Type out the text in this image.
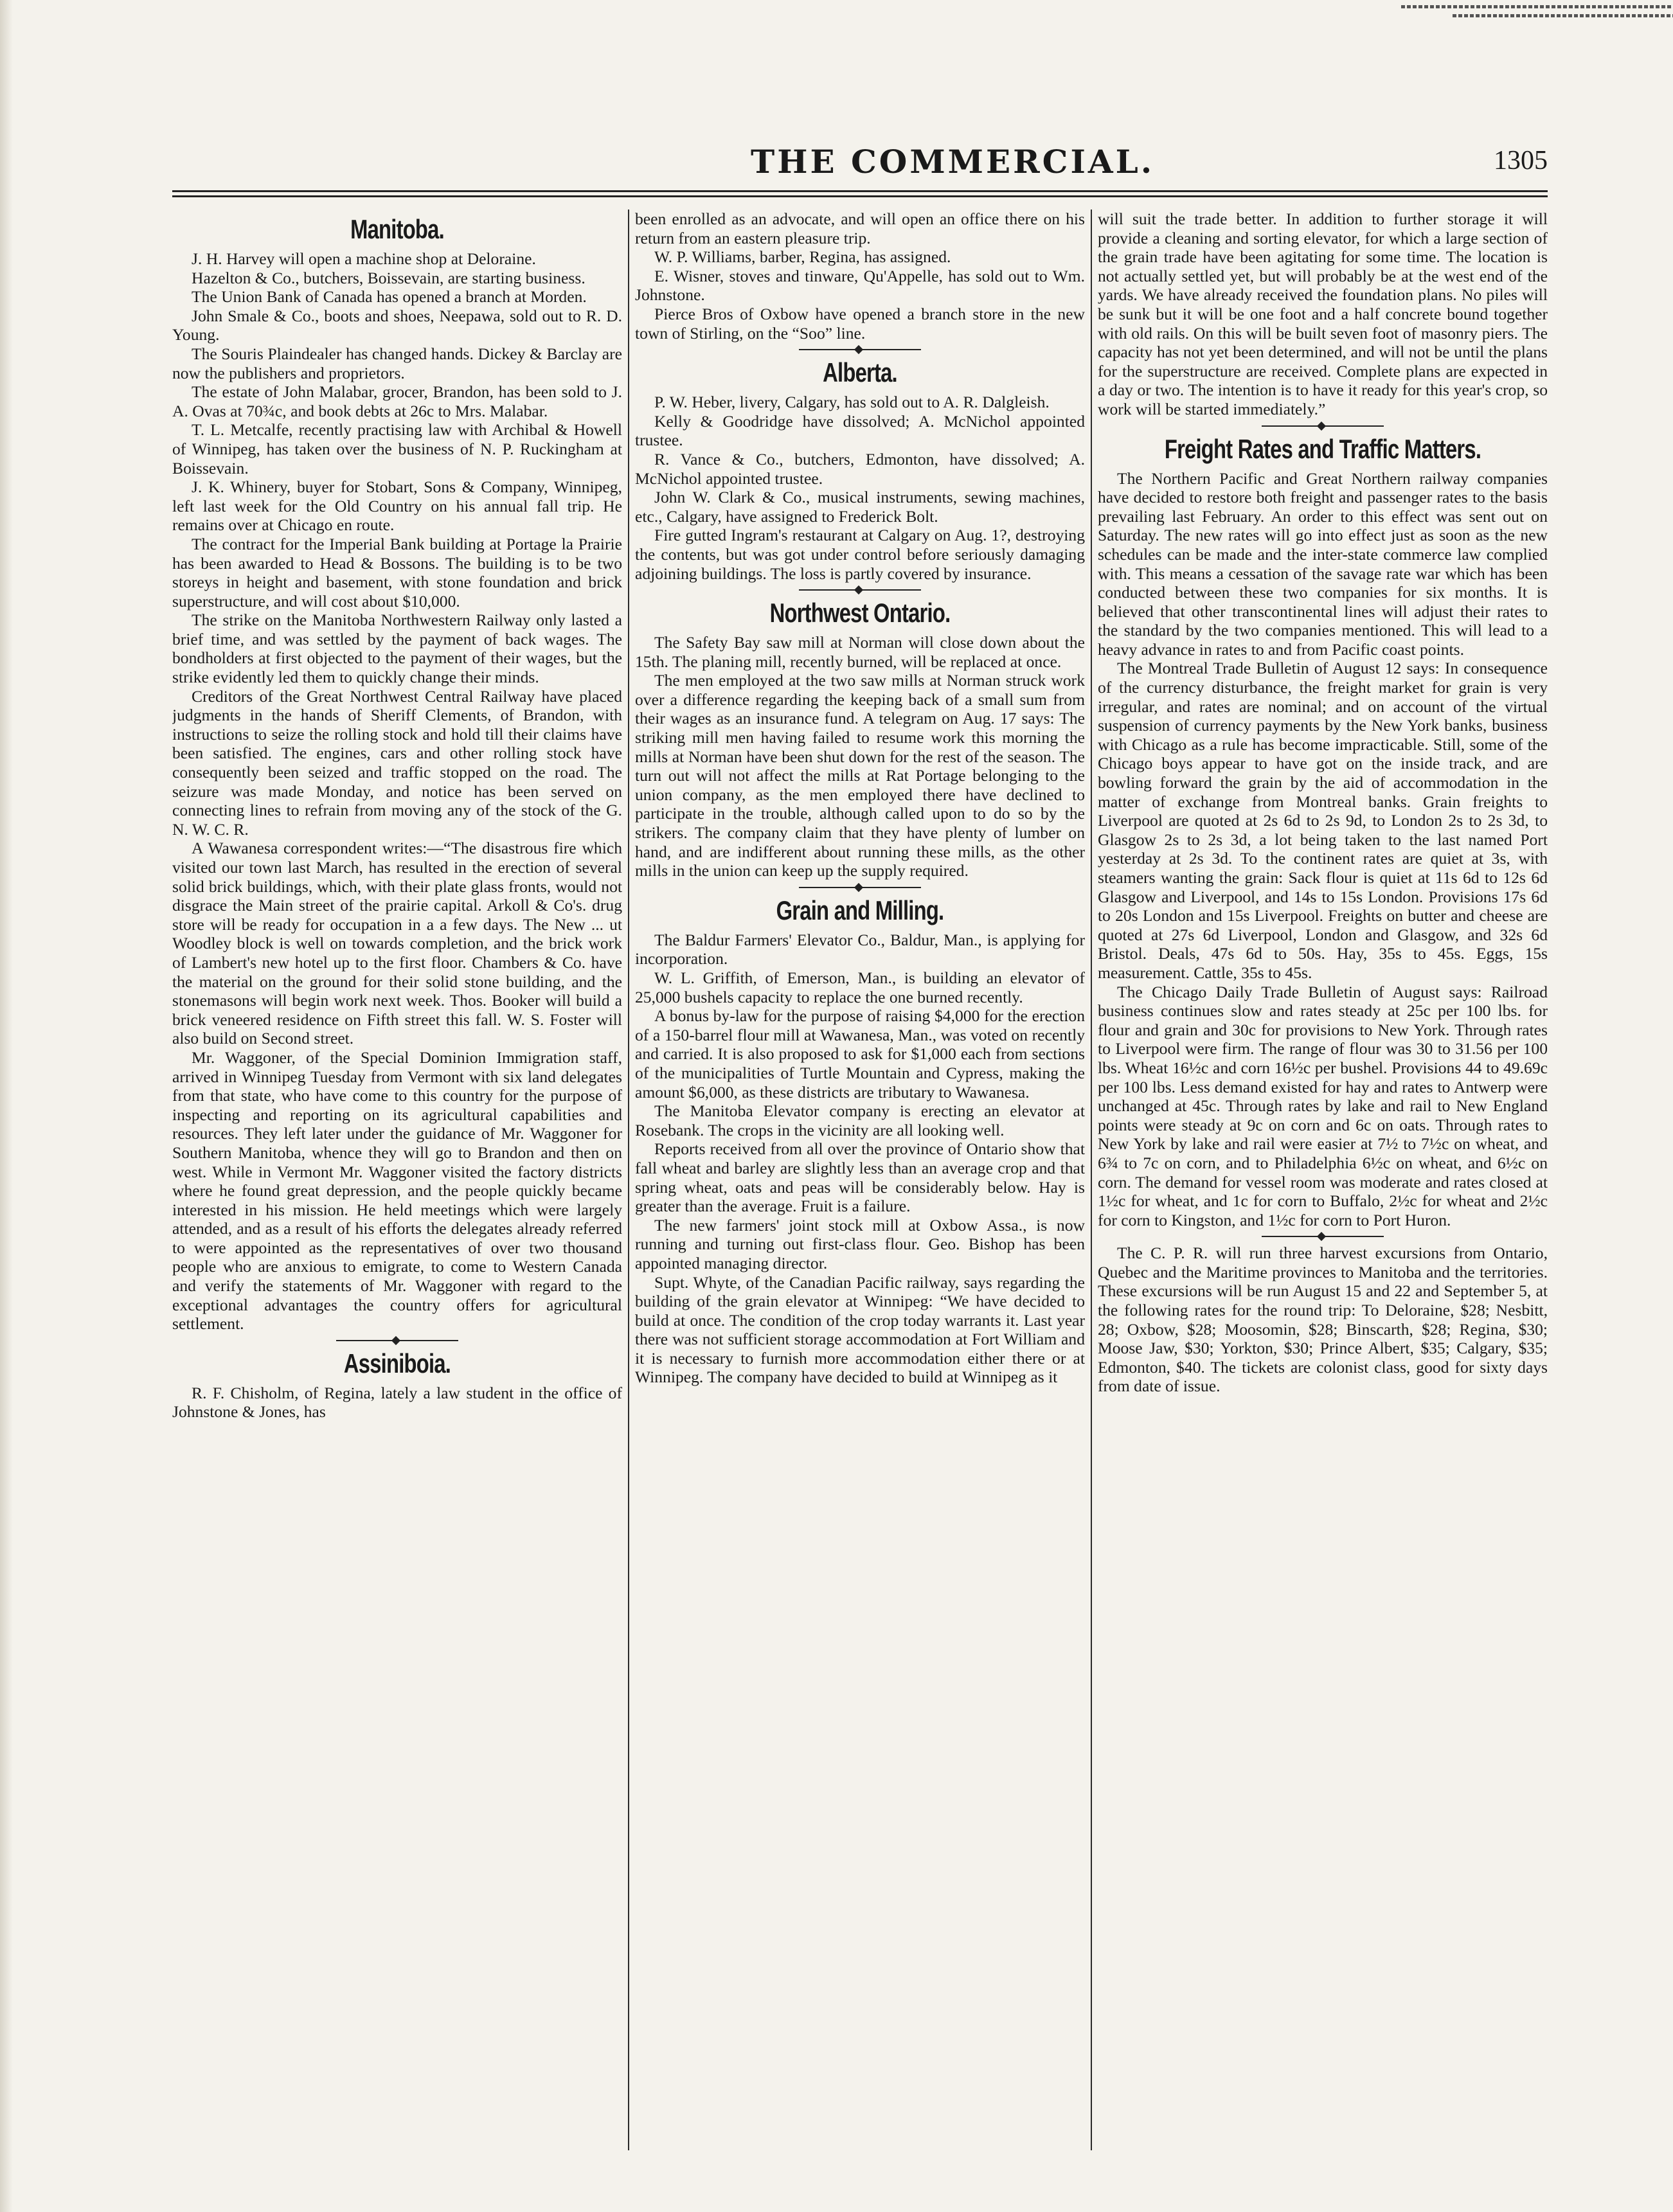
THE COMMERCIAL.	1305
Manitoba.

J. H. Harvey will open a machine shop at Deloraine.

Hazelton & Co., butchers, Boissevain, are starting business.

The Union Bank of Canada has opened a branch at Morden.

John Smale & Co., boots and shoes, Neepawa, sold out to R. D. Young.

The Souris Plaindealer has changed hands. Dickey & Barclay are now the publishers and proprietors.

The estate of John Malabar, grocer, Brandon, has been sold to J. A. Ovas at 70¾c, and book debts at 26c to Mrs. Malabar.

T. L. Metcalfe, recently practising law with Archibal & Howell of Winnipeg, has taken over the business of N. P. Ruckingham at Boissevain.

J. K. Whinery, buyer for Stobart, Sons & Company, Winnipeg, left last week for the Old Country on his annual fall trip. He remains over at Chicago en route.

The contract for the Imperial Bank building at Portage la Prairie has been awarded to Head & Bossons. The building is to be two storeys in height and basement, with stone foundation and brick superstructure, and will cost about $10,000.

The strike on the Manitoba Northwestern Railway only lasted a brief time, and was settled by the payment of back wages. The bondholders at first objected to the payment of their wages, but the strike evidently led them to quickly change their minds.

Creditors of the Great Northwest Central Railway have placed judgments in the hands of Sheriff Clements, of Brandon, with instructions to seize the rolling stock and hold till their claims have been satisfied. The engines, cars and other rolling stock have consequently been seized and traffic stopped on the road. The seizure was made Monday, and notice has been served on connecting lines to refrain from moving any of the stock of the G. N. W. C. R.

A Wawanesa correspondent writes:—“The disastrous fire which visited our town last March, has resulted in the erection of several solid brick buildings, which, with their plate glass fronts, would not disgrace the Main street of the prairie capital. Arkoll & Co's. drug store will be ready for occupation in a a few days. The New ... ut Woodley block is well on towards completion, and the brick work of Lambert's new hotel up to the first floor. Chambers & Co. have the material on the ground for their solid stone building, and the stonemasons will begin work next week. Thos. Booker will build a brick veneered residence on Fifth street this fall. W. S. Foster will also build on Second street.

Mr. Waggoner, of the Special Dominion Immigration staff, arrived in Winnipeg Tuesday from Vermont with six land delegates from that state, who have come to this country for the purpose of inspecting and reporting on its agricultural capabilities and resources. They left later under the guidance of Mr. Waggoner for Southern Manitoba, whence they will go to Brandon and then on west. While in Vermont Mr. Waggoner visited the factory districts where he found great depression, and the people quickly became interested in his mission. He held meetings which were largely attended, and as a result of his efforts the delegates already referred to were appointed as the representatives of over two thousand people who are anxious to emigrate, to come to Western Canada and verify the statements of Mr. Waggoner with regard to the exceptional advantages the country offers for agricultural settlement.

Assiniboia.

R. F. Chisholm, of Regina, lately a law student in the office of Johnstone & Jones, has

been enrolled as an advocate, and will open an office there on his return from an eastern pleasure trip.

W. P. Williams, barber, Regina, has assigned.

E. Wisner, stoves and tinware, Qu'Appelle, has sold out to Wm. Johnstone.

Pierce Bros of Oxbow have opened a branch store in the new town of Stirling, on the “Soo” line.

Alberta.

P. W. Heber, livery, Calgary, has sold out to A. R. Dalgleish.

Kelly & Goodridge have dissolved; A. McNichol appointed trustee.

R. Vance & Co., butchers, Edmonton, have dissolved; A. McNichol appointed trustee.

John W. Clark & Co., musical instruments, sewing machines, etc., Calgary, have assigned to Frederick Bolt.

Fire gutted Ingram's restaurant at Calgary on Aug. 1?, destroying the contents, but was got under control before seriously damaging adjoining buildings. The loss is partly covered by insurance.

Northwest Ontario.

The Safety Bay saw mill at Norman will close down about the 15th. The planing mill, recently burned, will be replaced at once.

The men employed at the two saw mills at Norman struck work over a difference regarding the keeping back of a small sum from their wages as an insurance fund. A telegram on Aug. 17 says: The striking mill men having failed to resume work this morning the mills at Norman have been shut down for the rest of the season. The turn out will not affect the mills at Rat Portage belonging to the union company, as the men employed there have declined to participate in the trouble, although called upon to do so by the strikers. The company claim that they have plenty of lumber on hand, and are indifferent about running these mills, as the other mills in the union can keep up the supply required.

Grain and Milling.

The Baldur Farmers' Elevator Co., Baldur, Man., is applying for incorporation.

W. L. Griffith, of Emerson, Man., is building an elevator of 25,000 bushels capacity to replace the one burned recently.

A bonus by-law for the purpose of raising $4,000 for the erection of a 150-barrel flour mill at Wawanesa, Man., was voted on recently and carried. It is also proposed to ask for $1,000 each from sections of the municipalities of Turtle Mountain and Cypress, making the amount $6,000, as these districts are tributary to Wawanesa.

The Manitoba Elevator company is erecting an elevator at Rosebank. The crops in the vicinity are all looking well.

Reports received from all over the province of Ontario show that fall wheat and barley are slightly less than an average crop and that spring wheat, oats and peas will be considerably below. Hay is greater than the average. Fruit is a failure.

The new farmers' joint stock mill at Oxbow Assa., is now running and turning out first-class flour. Geo. Bishop has been appointed managing director.

Supt. Whyte, of the Canadian Pacific railway, says regarding the building of the grain elevator at Winnipeg: “We have decided to build at once. The condition of the crop today warrants it. Last year there was not sufficient storage accommodation at Fort William and it is necessary to furnish more accommodation either there or at Winnipeg. The company have decided to build at Winnipeg as it

will suit the trade better. In addition to further storage it will provide a cleaning and sorting elevator, for which a large section of the grain trade have been agitating for some time. The location is not actually settled yet, but will probably be at the west end of the yards. We have already received the foundation plans. No piles will be sunk but it will be one foot and a half concrete bound together with old rails. On this will be built seven foot of masonry piers. The capacity has not yet been determined, and will not be until the plans for the superstructure are received. Complete plans are expected in a day or two. The intention is to have it ready for this year's crop, so work will be started immediately.”

Freight Rates and Traffic Matters.

The Northern Pacific and Great Northern railway companies have decided to restore both freight and passenger rates to the basis prevailing last February. An order to this effect was sent out on Saturday. The new rates will go into effect just as soon as the new schedules can be made and the inter-state commerce law complied with. This means a cessation of the savage rate war which has been conducted between these two companies for six months. It is believed that other transcontinental lines will adjust their rates to the standard by the two companies mentioned. This will lead to a heavy advance in rates to and from Pacific coast points.

The Montreal Trade Bulletin of August 12 says: In consequence of the currency disturbance, the freight market for grain is very irregular, and rates are nominal; and on account of the virtual suspension of currency payments by the New York banks, business with Chicago as a rule has become impracticable. Still, some of the Chicago boys appear to have got on the inside track, and are bowling forward the grain by the aid of accommodation in the matter of exchange from Montreal banks. Grain freights to Liverpool are quoted at 2s 6d to 2s 9d, to London 2s to 2s 3d, to Glasgow 2s to 2s 3d, a lot being taken to the last named Port yesterday at 2s 3d. To the continent rates are quiet at 3s, with steamers wanting the grain: Sack flour is quiet at 11s 6d to 12s 6d Glasgow and Liverpool, and 14s to 15s London. Provisions 17s 6d to 20s London and 15s Liverpool. Freights on butter and cheese are quoted at 27s 6d Liverpool, London and Glasgow, and 32s 6d Bristol. Deals, 47s 6d to 50s. Hay, 35s to 45s. Eggs, 15s measurement. Cattle, 35s to 45s.

The Chicago Daily Trade Bulletin of August says: Railroad business continues slow and rates steady at 25c per 100 lbs. for flour and grain and 30c for provisions to New York. Through rates to Liverpool were firm. The range of flour was 30 to 31.56 per 100 lbs. Wheat 16½c and corn 16½c per bushel. Provisions 44 to 49.69c per 100 lbs. Less demand existed for hay and rates to Antwerp were unchanged at 45c. Through rates by lake and rail to New England points were steady at 9c on corn and 6c on oats. Through rates to New York by lake and rail were easier at 7½ to 7½c on wheat, and 6¾ to 7c on corn, and to Philadelphia 6½c on wheat, and 6½c on corn. The demand for vessel room was moderate and rates closed at 1½c for wheat, and 1c for corn to Buffalo, 2½c for wheat and 2½c for corn to Kingston, and 1½c for corn to Port Huron.

The C. P. R. will run three harvest excursions from Ontario, Quebec and the Maritime provinces to Manitoba and the territories. These excursions will be run August 15 and 22 and September 5, at the following rates for the round trip: To Deloraine, $28; Nesbitt, 28; Oxbow, $28; Moosomin, $28; Binscarth, $28; Regina, $30; Moose Jaw, $30; Yorkton, $30; Prince Albert, $35; Calgary, $35; Edmonton, $40. The tickets are colonist class, good for sixty days from date of issue.
